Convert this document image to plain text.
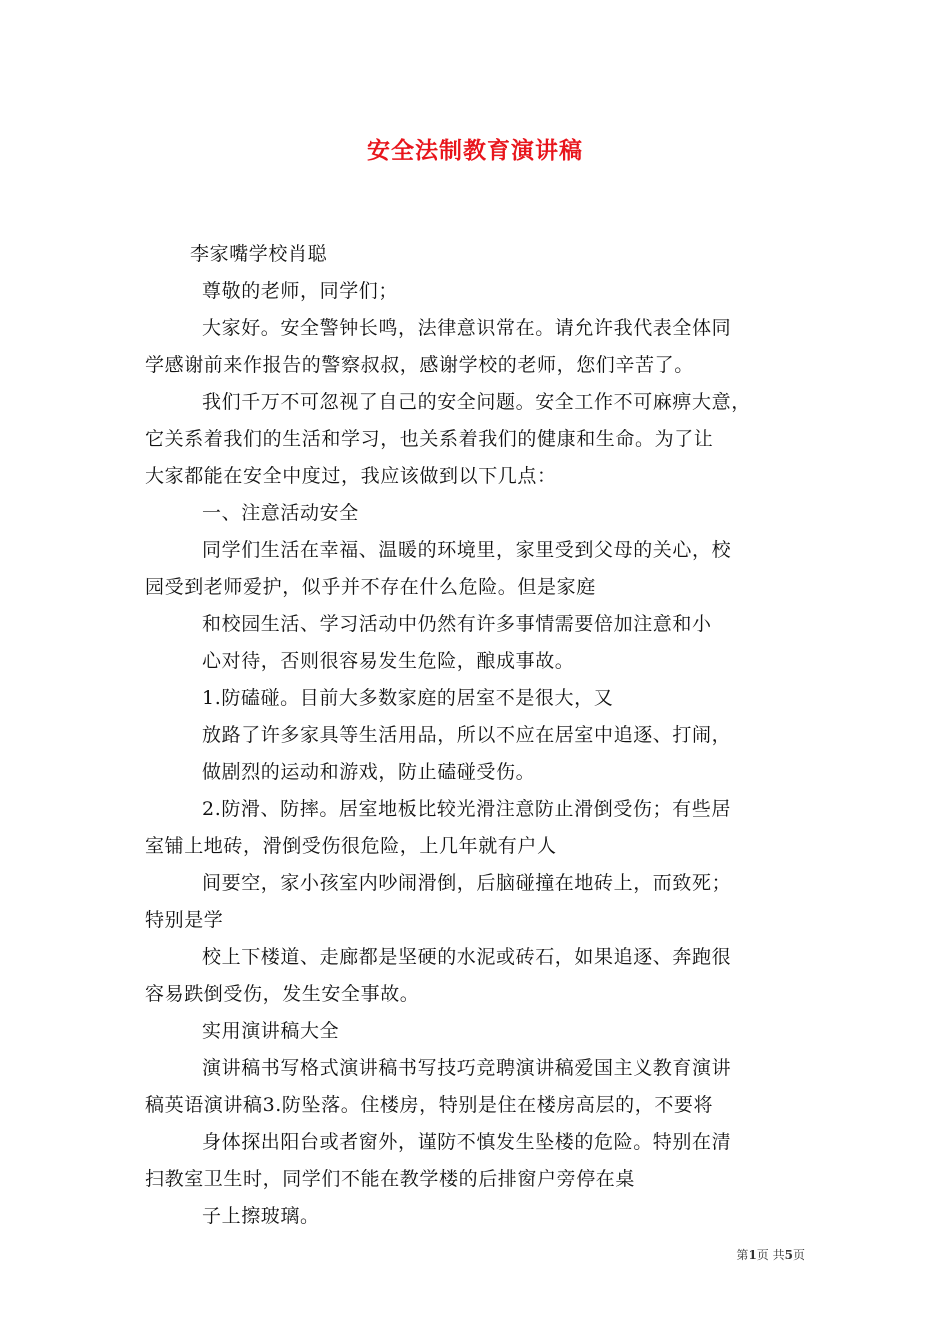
安全法制教育演讲稿
李家嘴学校肖聪
尊敬的老师，同学们；
大家好。安全警钟长鸣，法律意识常在。请允许我代表全体同
学感谢前来作报告的警察叔叔，感谢学校的老师，您们辛苦了。
我们千万不可忽视了自己的安全问题。安全工作不可麻痹大意，
它关系着我们的生活和学习，也关系着我们的健康和生命。为了让
大家都能在安全中度过，我应该做到以下几点：
一、注意活动安全
同学们生活在幸福、温暖的环境里，家里受到父母的关心，校
园受到老师爱护，似乎并不存在什么危险。但是家庭
和校园生活、学习活动中仍然有许多事情需要倍加注意和小
心对待，否则很容易发生危险，酿成事故。
1.防磕碰。目前大多数家庭的居室不是很大，又
放路了许多家具等生活用品，所以不应在居室中追逐、打闹，
做剧烈的运动和游戏，防止磕碰受伤。
2.防滑、防摔。居室地板比较光滑注意防止滑倒受伤；有些居
室铺上地砖，滑倒受伤很危险，上几年就有户人
间要空，家小孩室内吵闹滑倒，后脑碰撞在地砖上，而致死；
特别是学
校上下楼道、走廊都是坚硬的水泥或砖石，如果追逐、奔跑很
容易跌倒受伤，发生安全事故。
实用演讲稿大全
演讲稿书写格式演讲稿书写技巧竞聘演讲稿爱国主义教育演讲
稿英语演讲稿3.防坠落。住楼房，特别是住在楼房高层的，不要将
身体探出阳台或者窗外，谨防不慎发生坠楼的危险。特别在清
扫教室卫生时，同学们不能在教学楼的后排窗户旁停在桌
子上擦玻璃。
第1页 共5页
